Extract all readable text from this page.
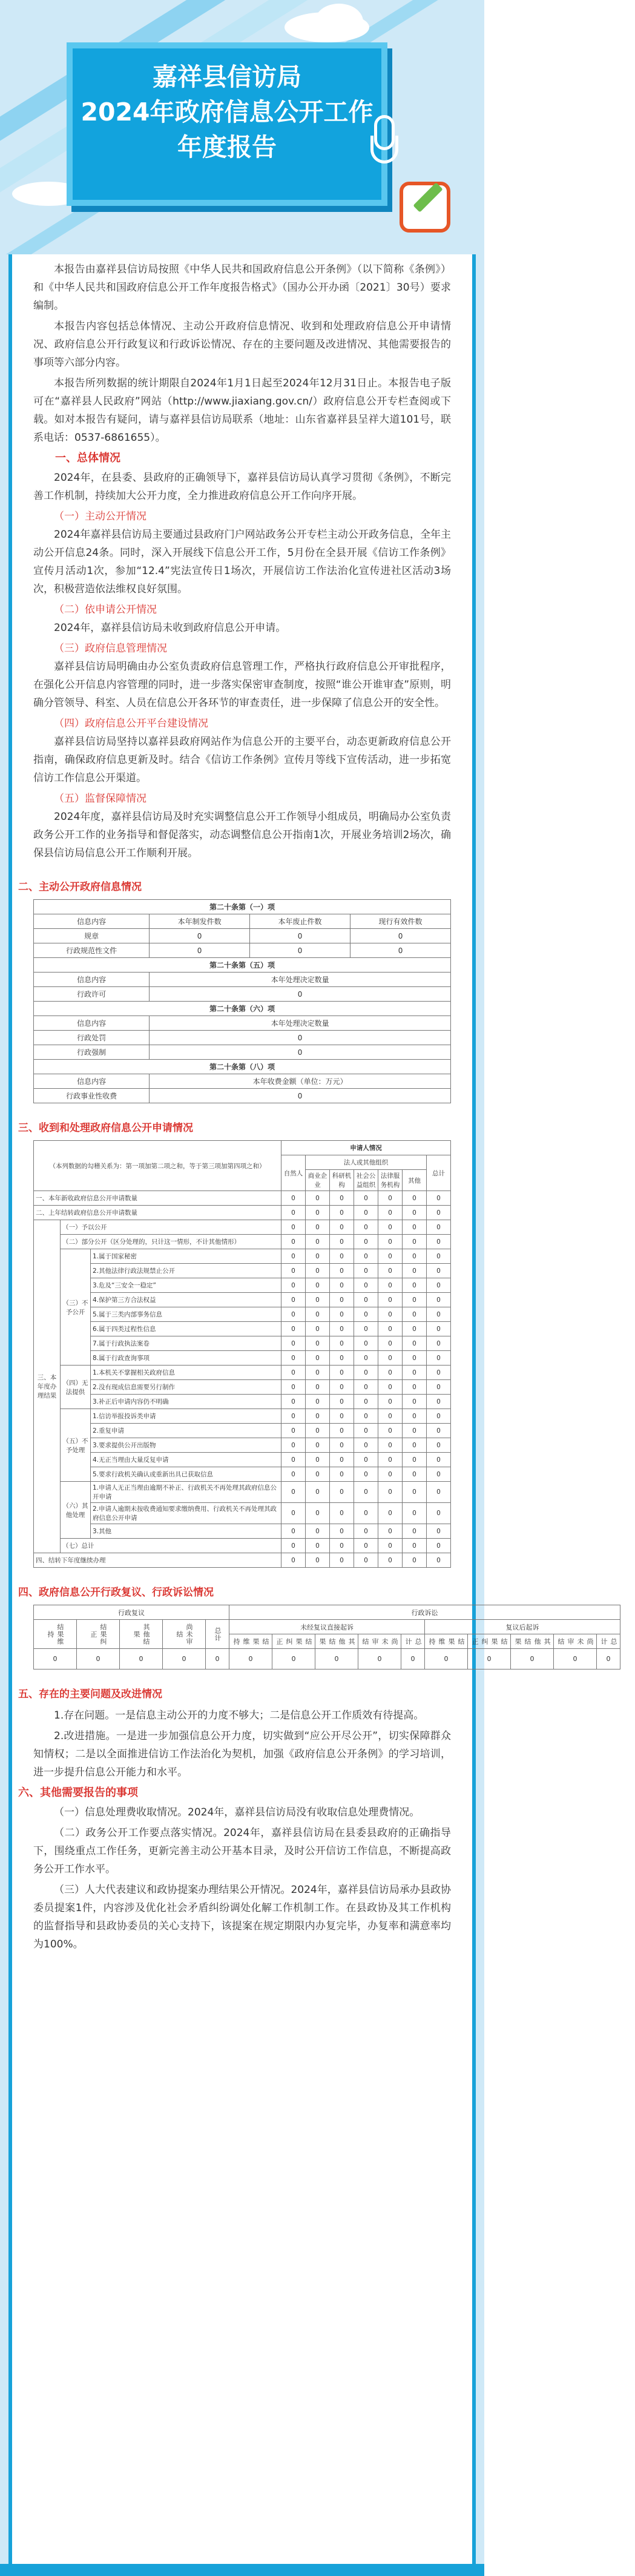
嘉祥县信访局
2024年政府信息公开工作
年度报告

本报告由嘉祥县信访局按照《中华人民共和国政府信息公开条例》（以下简称《条例》）和《中华人民共和国政府信息公开工作年度报告格式》（国办公开办函〔2021〕30号）要求编制。

本报告内容包括总体情况、主动公开政府信息情况、收到和处理政府信息公开申请情况、政府信息公开行政复议和行政诉讼情况、存在的主要问题及改进情况、其他需要报告的事项等六部分内容。

本报告所列数据的统计期限自2024年1月1日起至2024年12月31日止。本报告电子版可在“嘉祥县人民政府”网站（http://www.jiaxiang.gov.cn/）政府信息公开专栏查阅或下载。如对本报告有疑问，请与嘉祥县信访局联系（地址：山东省嘉祥县呈祥大道101号，联系电话：0537-6861655）。

一、总体情况

2024年，在县委、县政府的正确领导下，嘉祥县信访局认真学习贯彻《条例》，不断完善工作机制，持续加大公开力度，全力推进政府信息公开工作向序开展。

（一）主动公开情况

2024年嘉祥县信访局主要通过县政府门户网站政务公开专栏主动公开政务信息，全年主动公开信息24条。同时，深入开展线下信息公开工作，5月份在全县开展《信访工作条例》宣传月活动1次，参加“12.4”宪法宣传日1场次，开展信访工作法治化宣传进社区活动3场次，积极营造依法维权良好氛围。

（二）依申请公开情况

2024年，嘉祥县信访局未收到政府信息公开申请。

（三）政府信息管理情况

嘉祥县信访局明确由办公室负责政府信息管理工作，严格执行政府信息公开审批程序，在强化公开信息内容管理的同时，进一步落实保密审查制度，按照“谁公开谁审查”原则，明确分管领导、科室、人员在信息公开各环节的审查责任，进一步保障了信息公开的安全性。

（四）政府信息公开平台建设情况

嘉祥县信访局坚持以嘉祥县政府网站作为信息公开的主要平台，动态更新政府信息公开指南，确保政府信息更新及时。结合《信访工作条例》宣传月等线下宣传活动，进一步拓宽信访工作信息公开渠道。

（五）监督保障情况

2024年度，嘉祥县信访局及时充实调整信息公开工作领导小组成员，明确局办公室负责政务公开工作的业务指导和督促落实，动态调整信息公开指南1次，开展业务培训2场次，确保县信访局信息公开工作顺利开展。

二、主动公开政府信息情况
第二十条第（一）项			
信息内容	本年制发件数	本年废止件数	现行有效件数
规章	0	0	0
行政规范性文件	0	0	0
第二十条第（五）项			
信息内容	本年处理决定数量		
行政许可	0		
第二十条第（六）项			
信息内容	本年处理决定数量		
行政处罚	0		
行政强制	0		
第二十条第（八）项			
信息内容	本年收费金额（单位：万元）		
行政事业性收费	0		
三、收到和处理政府信息公开申请情况
（本列数据的勾稽关系为：第一项加第二项之和，等于第三项加第四项之和）			申请人情况						
			自然人	法人或其他组织					总计
				商业企业	科研机构	社会公益组织	法律服务机构	其他	
一、本年新收政府信息公开申请数量			0	0	0	0	0	0	0
二、上年结转政府信息公开申请数量			0	0	0	0	0	0	0
三、本年度办理结果	（一）予以公开		0	0	0	0	0	0	0
	（二）部分公开（区分处理的，只计这一情形，不计其他情形）		0	0	0	0	0	0	0
	（三）不予公开	1.属于国家秘密	0	0	0	0	0	0	0
		2.其他法律行政法规禁止公开	0	0	0	0	0	0	0
		3.危及“三安全一稳定”	0	0	0	0	0	0	0
		4.保护第三方合法权益	0	0	0	0	0	0	0
		5.属于三类内部事务信息	0	0	0	0	0	0	0
		6.属于四类过程性信息	0	0	0	0	0	0	0
		7.属于行政执法案卷	0	0	0	0	0	0	0
		8.属于行政查询事项	0	0	0	0	0	0	0
	（四）无法提供	1.本机关不掌握相关政府信息	0	0	0	0	0	0	0
		2.没有现成信息需要另行制作	0	0	0	0	0	0	0
		3.补正后申请内容仍不明确	0	0	0	0	0	0	0
	（五）不予处理	1.信访举报投诉类申请	0	0	0	0	0	0	0
		2.重复申请	0	0	0	0	0	0	0
		3.要求提供公开出版物	0	0	0	0	0	0	0
		4.无正当理由大量反复申请	0	0	0	0	0	0	0
		5.要求行政机关确认或重新出具已获取信息	0	0	0	0	0	0	0
	（六）其他处理	1.申请人无正当理由逾期不补正、行政机关不再处理其政府信息公开申请	0	0	0	0	0	0	0
		2.申请人逾期未按收费通知要求缴纳费用、行政机关不再处理其政府信息公开申请	0	0	0	0	0	0	0
		3.其他	0	0	0	0	0	0	0
	（七）总计		0	0	0	0	0	0	0
四、结转下年度继续办理			0	0	0	0	0	0	0
四、政府信息公开行政复议、行政诉讼情况
行政复议					行政诉讼									
结果维持	结果纠正	其他结果	尚未审结	总计	未经复议直接起诉					复议后起诉				
					结果维持	结果纠正	其他结果	尚未审结	总计	结果维持	结果纠正	其他结果	尚未审结	总计
0	0	0	0	0	0	0	0	0	0	0	0	0	0	0
五、存在的主要问题及改进情况

1.存在问题。一是信息主动公开的力度不够大；二是信息公开工作质效有待提高。

2.改进措施。一是进一步加强信息公开力度，切实做到“应公开尽公开”，切实保障群众知情权；二是以全面推进信访工作法治化为契机，加强《政府信息公开条例》的学习培训，进一步提升信息公开能力和水平。

六、其他需要报告的事项

（一）信息处理费收取情况。2024年，嘉祥县信访局没有收取信息处理费情况。

（二）政务公开工作要点落实情况。2024年，嘉祥县信访局在县委县政府的正确指导下，围绕重点工作任务，更新完善主动公开基本目录，及时公开信访工作信息，不断提高政务公开工作水平。

（三）人大代表建议和政协提案办理结果公开情况。2024年，嘉祥县信访局承办县政协委员提案1件，内容涉及优化社会矛盾纠纷调处化解工作机制工作。在县政协及其工作机构的监督指导和县政协委员的关心支持下，该提案在规定期限内办复完毕，办复率和满意率均为100%。
